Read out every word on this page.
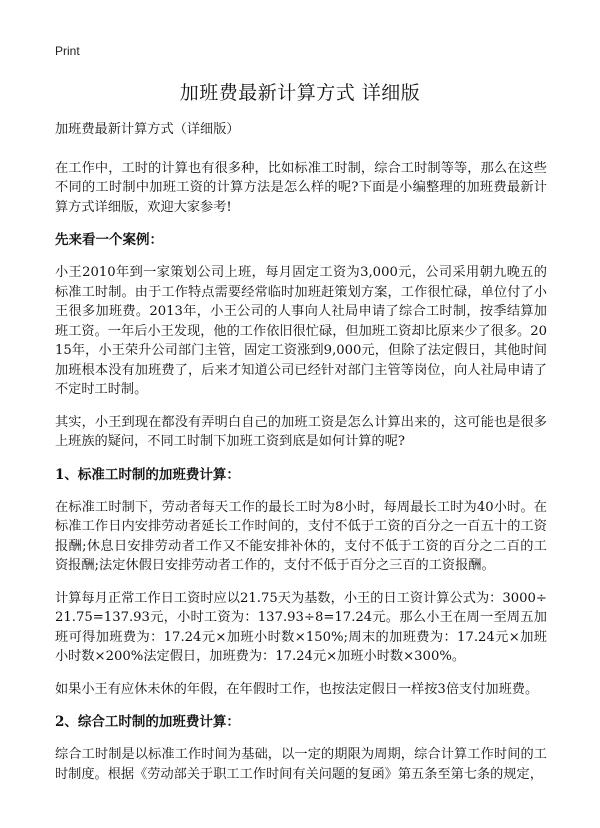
Print
加班费最新计算方式 详细版

加班费最新计算方式（详细版）

在工作中，工时的计算也有很多种，比如标准工时制，综合工时制等等，那么在这些不同的工时制中加班工资的计算方法是怎么样的呢?下面是小编整理的加班费最新计算方式详细版，欢迎大家参考!

先来看一个案例：

小王2010年到一家策划公司上班，每月固定工资为3,000元，公司采用朝九晚五的标准工时制。由于工作特点需要经常临时加班赶策划方案，工作很忙碌，单位付了小王很多加班费。2013年，小王公司的人事向人社局申请了综合工时制，按季结算加班工资。一年后小王发现，他的工作依旧很忙碌，但加班工资却比原来少了很多。2015年，小王荣升公司部门主管，固定工资涨到9,000元，但除了法定假日，其他时间加班根本没有加班费了，后来才知道公司已经针对部门主管等岗位，向人社局申请了不定时工时制。

其实，小王到现在都没有弄明白自己的加班工资是怎么计算出来的，这可能也是很多上班族的疑问，不同工时制下加班工资到底是如何计算的呢?

1、标准工时制的加班费计算：

在标准工时制下，劳动者每天工作的最长工时为8小时，每周最长工时为40小时。在标准工作日内安排劳动者延长工作时间的，支付不低于工资的百分之一百五十的工资报酬;休息日安排劳动者工作又不能安排补休的，支付不低于工资的百分之二百的工资报酬;法定休假日安排劳动者工作的，支付不低于百分之三百的工资报酬。

计算每月正常工作日工资时应以21.75天为基数，小王的日工资计算公式为：3000÷21.75=137.93元，小时工资为：137.93÷8=17.24元。那么小王在周一至周五加班可得加班费为：17.24元×加班小时数×150%;周末的加班费为：17.24元×加班小时数×200%法定假日，加班费为：17.24元×加班小时数×300%。

如果小王有应休未休的年假，在年假时工作，也按法定假日一样按3倍支付加班费。

2、综合工时制的加班费计算：

综合工时制是以标准工作时间为基础，以一定的期限为周期，综合计算工作时间的工时制度。根据《劳动部关于职工工作时间有关问题的复函》第五条至第七条的规定，
